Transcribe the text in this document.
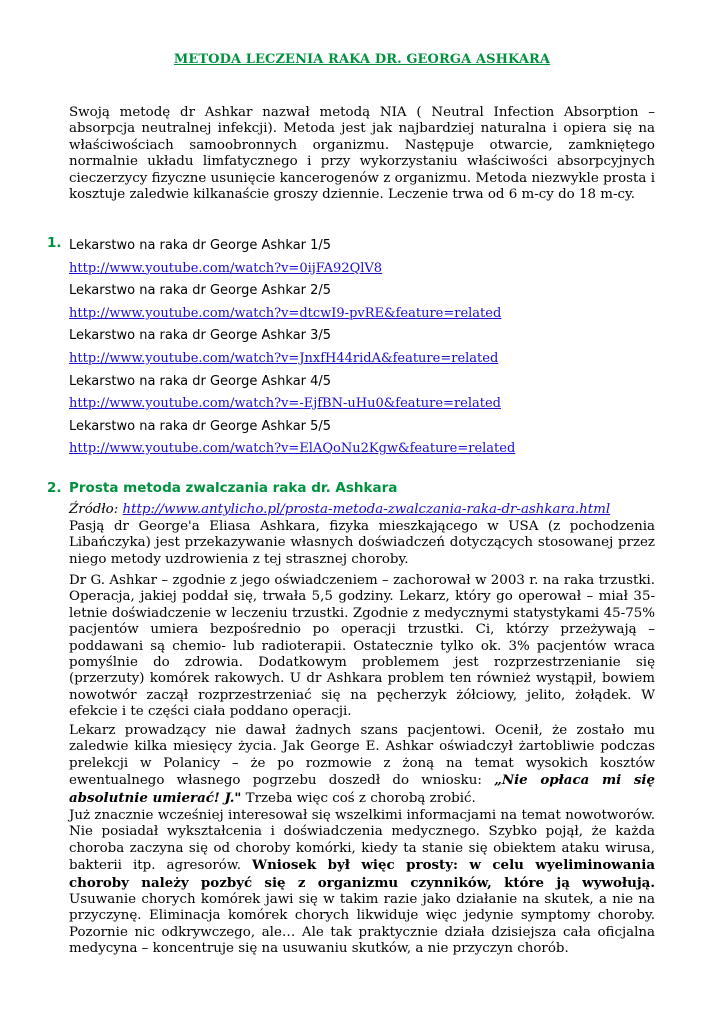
METODA LECZENIA RAKA DR. GEORGA ASHKARA

Swoją metodę dr Ashkar nazwał metodą NIA ( Neutral Infection Absorption – absorpcja neutralnej infekcji). Metoda jest jak najbardziej naturalna i opiera się na właściwościach samoobronnych organizmu. Następuje otwarcie, zamkniętego normalnie układu limfatycznego i przy wykorzystaniu właściwości absorpcyjnych cieczerzycy fizyczne usunięcie kancerogenów z organizmu. Metoda niezwykle prosta i kosztuje zaledwie kilkanaście groszy dziennie. Leczenie trwa od 6 m-cy do 18 m-cy.

1. Lekarstwo na raka dr George Ashkar 1/5
http://www.youtube.com/watch?v=0ijFA92QlV8
Lekarstwo na raka dr George Ashkar 2/5
http://www.youtube.com/watch?v=dtcwI9-pvRE&feature=related
Lekarstwo na raka dr George Ashkar 3/5
http://www.youtube.com/watch?v=JnxfH44ridA&feature=related
Lekarstwo na raka dr George Ashkar 4/5
http://www.youtube.com/watch?v=-EjfBN-uHu0&feature=related
Lekarstwo na raka dr George Ashkar 5/5
http://www.youtube.com/watch?v=ElAQoNu2Kgw&feature=related
2. Prosta metoda zwalczania raka dr. Ashkara
Źródło: http://www.antylicho.pl/prosta-metoda-zwalczania-raka-dr-ashkara.html

Pasją dr George'a Eliasa Ashkara, fizyka mieszkającego w USA (z pochodzenia Libańczyka) jest przekazywanie własnych doświadczeń dotyczących stosowanej przez niego metody uzdrowienia z tej strasznej choroby.

Dr G. Ashkar – zgodnie z jego oświadczeniem – zachorował w 2003 r. na raka trzustki. Operacja, jakiej poddał się, trwała 5,5 godziny. Lekarz, który go operował – miał 35-letnie doświadczenie w leczeniu trzustki. Zgodnie z medycznymi statystykami 45-75% pacjentów umiera bezpośrednio po operacji trzustki. Ci, którzy przeżywają – poddawani są chemio- lub radioterapii. Ostatecznie tylko ok. 3% pacjentów wraca pomyślnie do zdrowia. Dodatkowym problemem jest rozprzestrzenianie się (przerzuty) komórek rakowych. U dr Ashkara problem ten również wystąpił, bowiem nowotwór zaczął rozprzestrzeniać się na pęcherzyk żółciowy, jelito, żołądek. W efekcie i te części ciała poddano operacji.

Lekarz prowadzący nie dawał żadnych szans pacjentowi. Ocenił, że zostało mu zaledwie kilka miesięcy życia. Jak George E. Ashkar oświadczył żartobliwie podczas prelekcji w Polanicy – że po rozmowie z żoną na temat wysokich kosztów ewentualnego własnego pogrzebu doszedł do wniosku: „Nie opłaca mi się absolutnie umierać! J." Trzeba więc coś z chorobą zrobić.

Już znacznie wcześniej interesował się wszelkimi informacjami na temat nowotworów. Nie posiadał wykształcenia i doświadczenia medycznego. Szybko pojął, że każda choroba zaczyna się od choroby komórki, kiedy ta stanie się obiektem ataku wirusa, bakterii itp. agresorów. Wniosek był więc prosty: w celu wyeliminowania choroby należy pozbyć się z organizmu czynników, które ją wywołują. Usuwanie chorych komórek jawi się w takim razie jako działanie na skutek, a nie na przyczynę. Eliminacja komórek chorych likwiduje więc jedynie symptomy choroby. Pozornie nic odkrywczego, ale… Ale tak praktycznie działa dzisiejsza cała oficjalna medycyna – koncentruje się na usuwaniu skutków, a nie przyczyn chorób.
